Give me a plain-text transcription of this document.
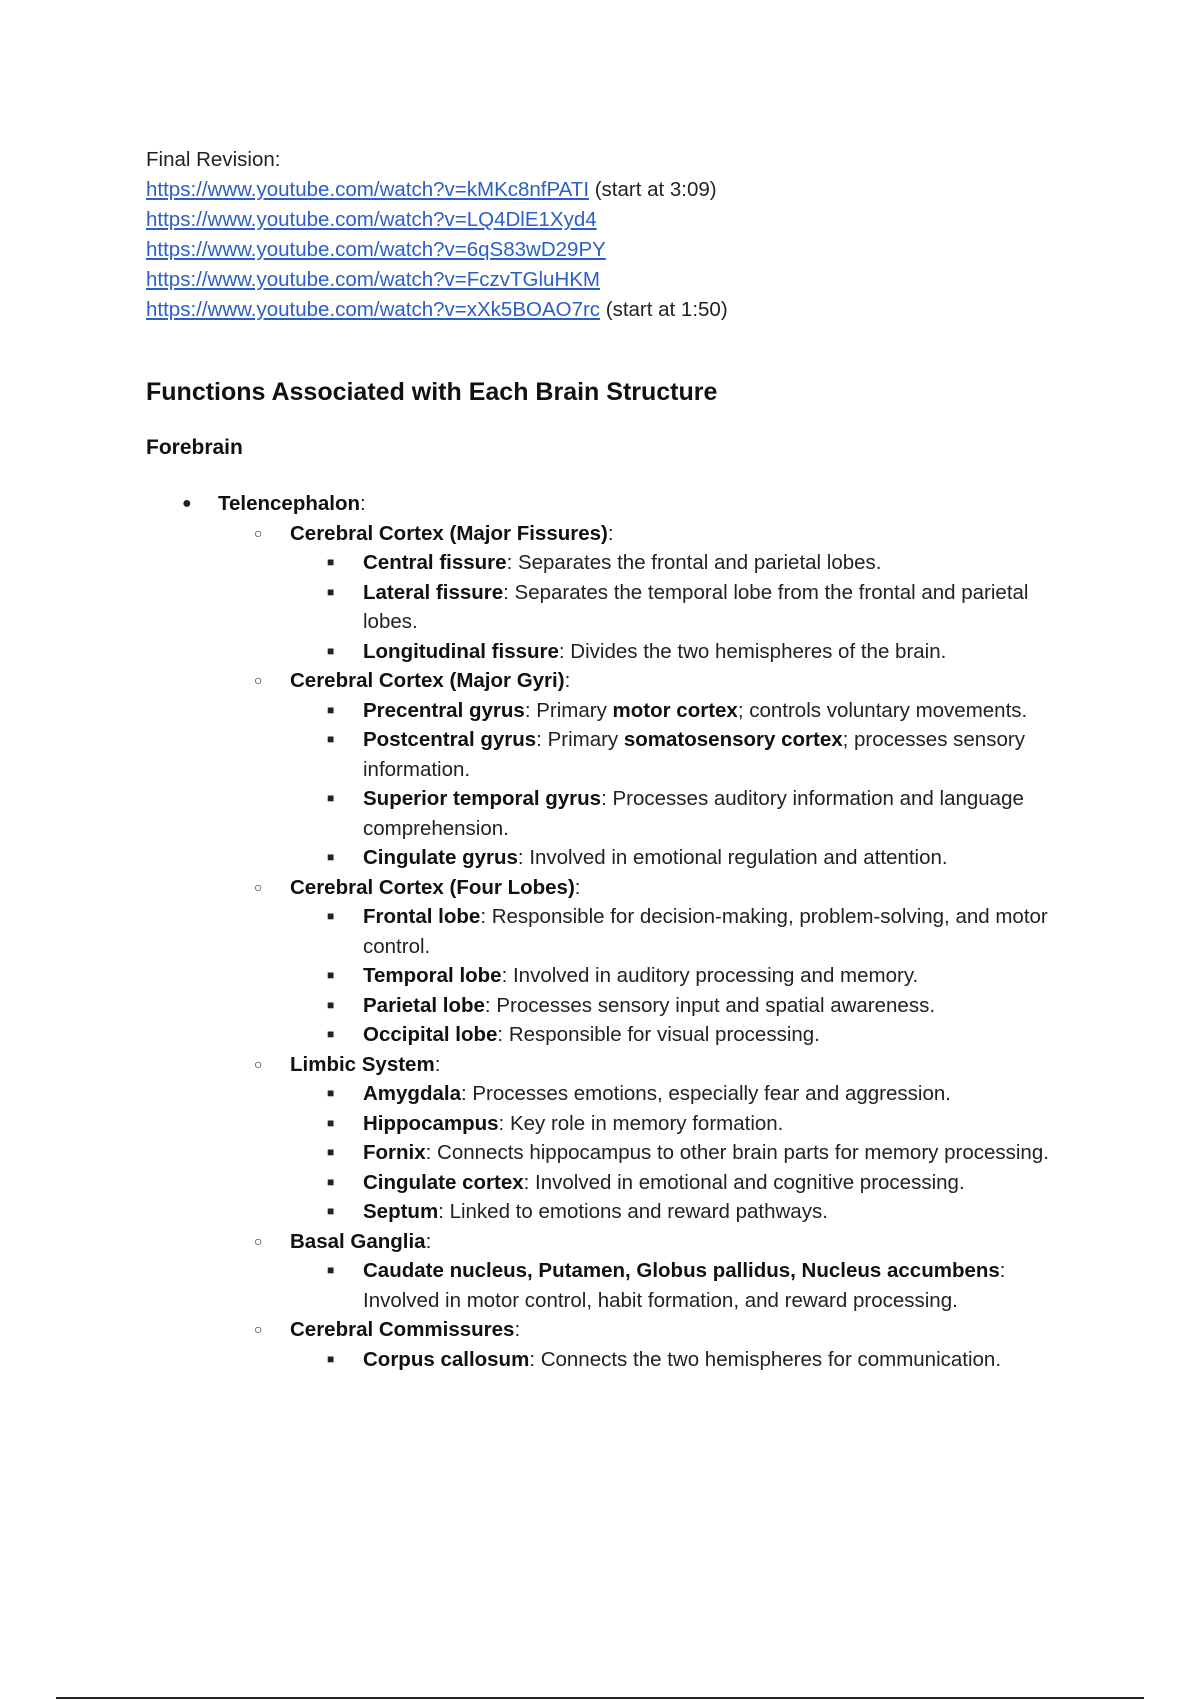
Final Revision:

https://www.youtube.com/watch?v=kMKc8nfPATI (start at 3:09)

https://www.youtube.com/watch?v=LQ4DlE1Xyd4

https://www.youtube.com/watch?v=6qS83wD29PY

https://www.youtube.com/watch?v=FczvTGluHKM

https://www.youtube.com/watch?v=xXk5BOAO7rc (start at 1:50)

Functions Associated with Each Brain Structure
Forebrain
● Telencephalon:
○ Cerebral Cortex (Major Fissures):
■ Central fissure: Separates the frontal and parietal lobes.
■ Lateral fissure: Separates the temporal lobe from the frontal and parietal lobes.
■ Longitudinal fissure: Divides the two hemispheres of the brain.
○ Cerebral Cortex (Major Gyri):
■ Precentral gyrus: Primary motor cortex; controls voluntary movements.
■ Postcentral gyrus: Primary somatosensory cortex; processes sensory information.
■ Superior temporal gyrus: Processes auditory information and language comprehension.
■ Cingulate gyrus: Involved in emotional regulation and attention.
○ Cerebral Cortex (Four Lobes):
■ Frontal lobe: Responsible for decision-making, problem-solving, and motor control.
■ Temporal lobe: Involved in auditory processing and memory.
■ Parietal lobe: Processes sensory input and spatial awareness.
■ Occipital lobe: Responsible for visual processing.
○ Limbic System:
■ Amygdala: Processes emotions, especially fear and aggression.
■ Hippocampus: Key role in memory formation.
■ Fornix: Connects hippocampus to other brain parts for memory processing.
■ Cingulate cortex: Involved in emotional and cognitive processing.
■ Septum: Linked to emotions and reward pathways.
○ Basal Ganglia:
■ Caudate nucleus, Putamen, Globus pallidus, Nucleus accumbens: Involved in motor control, habit formation, and reward processing.
○ Cerebral Commissures:
■ Corpus callosum: Connects the two hemispheres for communication.
